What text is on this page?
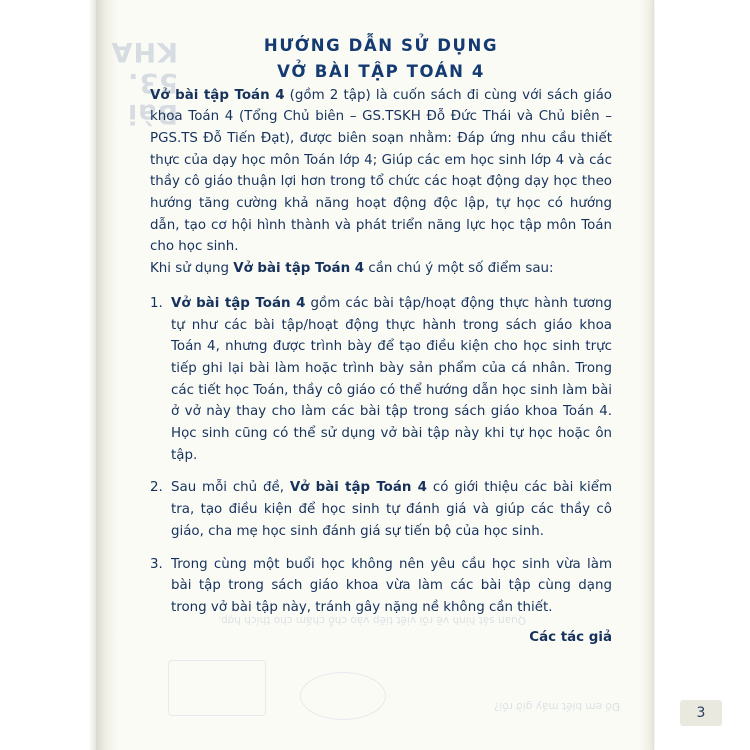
Bài 53. KHA
Quan sát hình vẽ rồi viết tiếp vào chỗ chấm cho thích hợp.
Đố em biết mấy giờ rồi?
HƯỚNG DẪN SỬ DỤNG
VỞ BÀI TẬP TOÁN 4

Vở bài tập Toán 4 (gồm 2 tập) là cuốn sách đi cùng với sách giáo khoa Toán 4 (Tổng Chủ biên – GS.TSKH Đỗ Đức Thái và Chủ biên – PGS.TS Đỗ Tiến Đạt), được biên soạn nhằm: Đáp ứng nhu cầu thiết thực của dạy học môn Toán lớp 4; Giúp các em học sinh lớp 4 và các thầy cô giáo thuận lợi hơn trong tổ chức các hoạt động dạy học theo hướng tăng cường khả năng hoạt động độc lập, tự học có hướng dẫn, tạo cơ hội hình thành và phát triển năng lực học tập môn Toán cho học sinh.

Khi sử dụng Vở bài tập Toán 4 cần chú ý một số điểm sau:

1. Vở bài tập Toán 4 gồm các bài tập/hoạt động thực hành tương tự như các bài tập/hoạt động thực hành trong sách giáo khoa Toán 4, nhưng được trình bày để tạo điều kiện cho học sinh trực tiếp ghi lại bài làm hoặc trình bày sản phẩm của cá nhân. Trong các tiết học Toán, thầy cô giáo có thể hướng dẫn học sinh làm bài ở vở này thay cho làm các bài tập trong sách giáo khoa Toán 4. Học sinh cũng có thể sử dụng vở bài tập này khi tự học hoặc ôn tập.
2. Sau mỗi chủ đề, Vở bài tập Toán 4 có giới thiệu các bài kiểm tra, tạo điều kiện để học sinh tự đánh giá và giúp các thầy cô giáo, cha mẹ học sinh đánh giá sự tiến bộ của học sinh.
3. Trong cùng một buổi học không nên yêu cầu học sinh vừa làm bài tập trong sách giáo khoa vừa làm các bài tập cùng dạng trong vở bài tập này, tránh gây nặng nề không cần thiết.
Các tác giả
3
